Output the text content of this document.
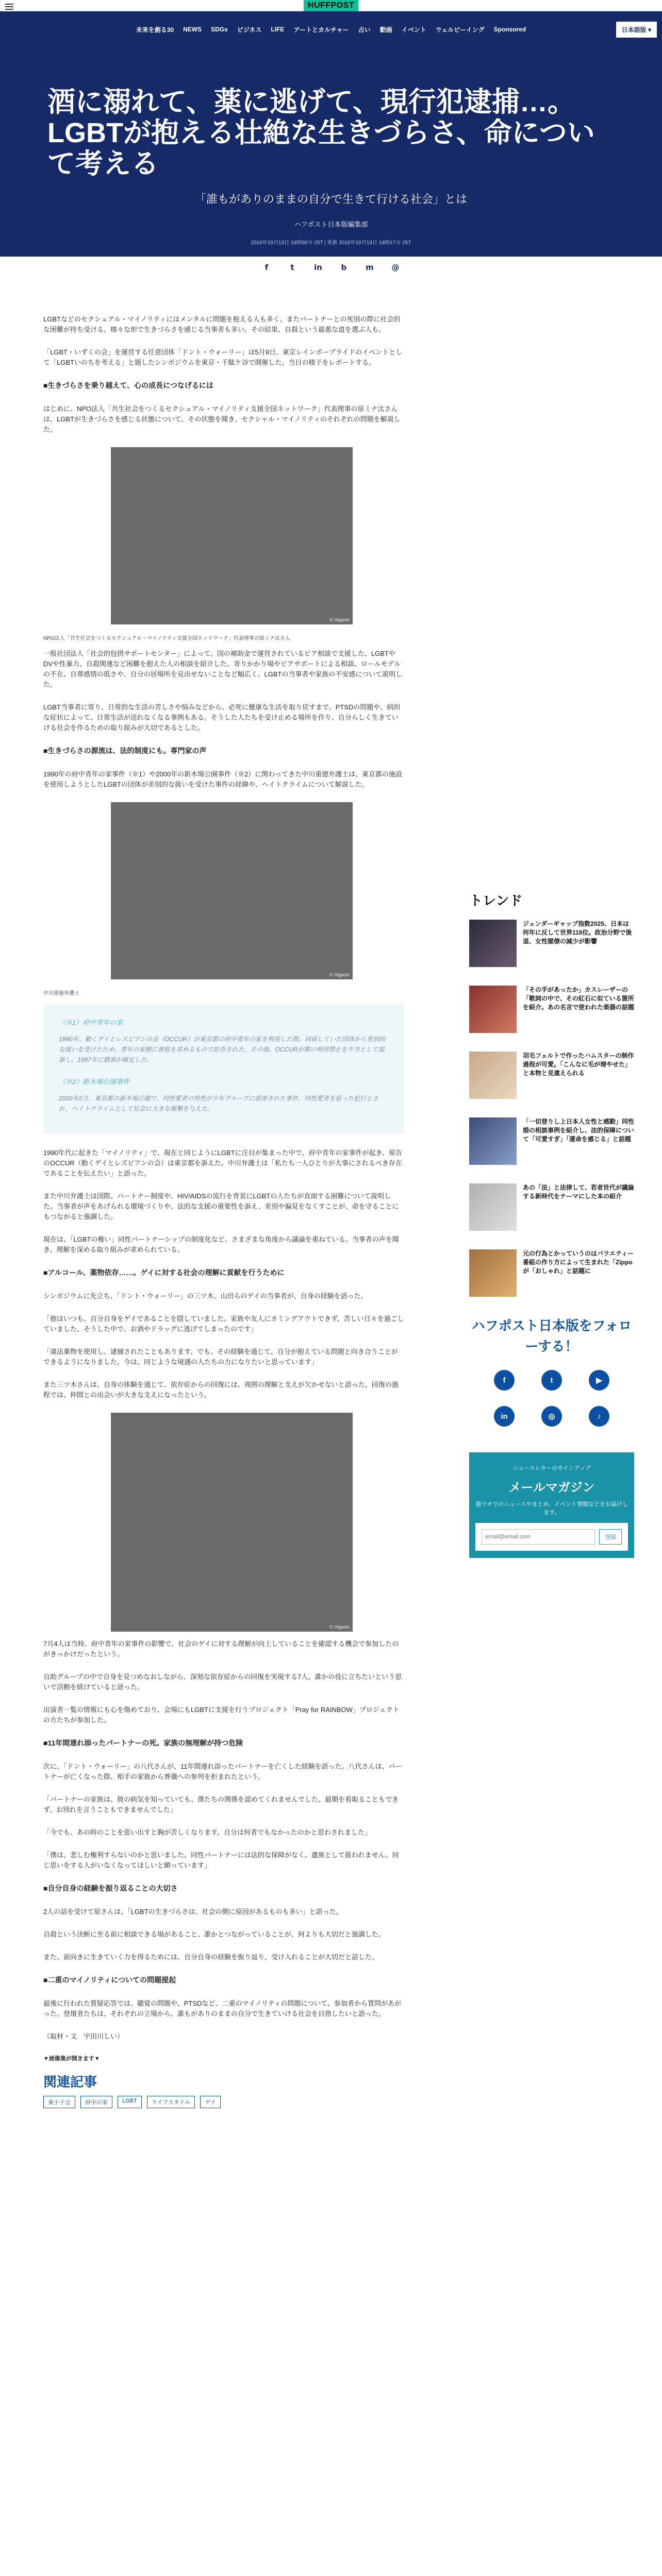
HUFFPOST
未来を創る30	NEWS	SDGs	ビジネス	LIFE	アートとカルチャー	占い	動画	イベント	ウェルビーイング	Sponsored	日本語版 ▾
酒に溺れて、薬に逃げて、現行犯逮捕…。LGBTが抱える壮絶な生きづらさ、命について考える
「誰もがありのままの自分で生きて行ける社会」とは
ハフポスト日本版編集部
2016年10月13日 16時06分 JST | 更新 2016年10月13日 16時17分 JST
f	t	in	b	m	@

LGBTなどのセクシュアル・マイノリティにはメンタルに問題を抱える人も多く、またパートナーとの死別の際に社会的な困難が待ち受ける。様々な形で生きづらさを感じる当事者も多い。その結果、自殺という最悪な道を選ぶ人も。

「LGBT・いずくの会」を運営する任意団体「ドント・ウォーリー」は5月9日、東京レインボープライドのイベントとして「LGBTいのちを考える」と題したシンポジウムを東京・千駄ケ谷で開催した。当日の様子をレポートする。

■生きづらさを乗り越えて、心の成長につなげるには

はじめに、NPO法人「共生社会をつくるセクシュアル・マイノリティ支援全国ネットワーク」代表理事の原ミナ汰さんは、LGBTが生きづらさを感じる状態について、その状態を聞き、セクシャル・マイノリティのそれぞれの問題を解説した。

© Higashi
NPO法人「共生社会をつくるセクシュアル・マイノリティ支援全国ネットワーク」代表理事の原ミナ汰さん

一般社団法人「社会的包摂サポートセンター」によって、国の補助金で運営されているピア相談で支援した、LGBTやDVや性暴力、自殺関連など困難を抱えた人の相談を紹介した。寄りかかり場やピアサポートによる相談、ロールモデルの不在、自尊感情の低さや、自分の居場所を見出せないことなど幅広く、LGBTの当事者や家族の不安感について説明した。

LGBT当事者に寄り、日常的な生活の苦しさや悩みなどから、必死に健康な生活を取り戻すまで。PTSDの問題や、病的な症状によって、日常生活が送れなくなる事例もある。そうした人たちを受け止める場所を作り、自分らしく生きていける社会を作るための取り組みが大切であるとした。

■生きづらさの源流は、法的制度にも。専門家の声

1990年の府中青年の家事件（※1）や2000年の新木場公園事件（※2）に関わってきた中川重徳弁護士は、東京都の施設を使用しようとしたLGBTの団体が差別的な扱いを受けた事件の経緯や、ヘイトクライムについて解説した。

© Higashi
中川重徳弁護士
（※1）府中青年の家
1990年、動くゲイとレズビアンの会（OCCUR）が東京都の府中青年の家を利用した際、同宿していた団体から差別的な扱いを受けたため、青年の家側に善処を求めるもので拒否された。その後、OCCURが都の利用禁止を不当として提訴し、1997年に勝訴が確定した。
（※2）新木場公園事件
2000年2月、東京都の新木場公園で、同性愛者の男性が少年グループに殺害された事件。同性愛者を狙った犯行とされ、ヘイトクライムとして社会に大きな衝撃を与えた。

1990年代に起きた「マイノリティ」で、現在と同じようにLGBTに注目が集まった中で、府中青年の家事件が起き、原告のOCCUR（動くゲイとレズビアンの会）は東京都を訴えた。中川弁護士は「私たち一人ひとりが大事にされるべき存在であることを伝えたい」と語った。

また中川弁護士は国際、パートナー制度や、HIV/AIDSの流行を背景にLGBTの人たちが直面する困難について説明した。当事者が声をあげられる環境づくりや、法的な支援の重要性を訴え、差別や偏見をなくすことが、命を守ることにもつながると強調した。

現在は、「LGBTの権い」同性パートナーシップの制度化など、さまざまな角度から議論を重ねている。当事者の声を聞き、理解を深める取り組みが求められている。

■アルコール、薬物依存……。ゲイに対する社会の理解に貢献を行うために

シンポジウムに先立ち、「ドント・ウォーリー」の三ツ木、山田らのゲイの当事者が、自身の経験を語った。

「他はいつも、自分自身をゲイであることを隠していました。家族や友人にカミングアウトできず、苦しい日々を過ごしていました。そうした中で、お酒やドラッグに逃げてしまったのです」

「違法薬物を使用し、逮捕されたこともあります。でも、その経験を通じて、自分が抱えている問題と向き合うことができるようになりました。今は、同じような境遇の人たちの力になりたいと思っています」

また三ツ木さんは、自身の体験を通じて、依存症からの回復には、周囲の理解と支えが欠かせないと語った。回復の過程では、仲間との出会いが大きな支えになったという。

© Higashi

7月4人は当時、府中青年の家事件の影響で、社会のゲイに対する理解が向上していることを確認する機会で参加したのがきっかけだったという。

自助グループの中で自身を見つめなおしながら、深刻な依存症からの回復を実現する7人。誰かの役に立ちたいという思いで活動を続けていると語った。

出演者一覧の情報にも心を傷めており、会場にもLGBTに支援を行うプロジェクト「Pray for RAINBOW」プロジェクトの方たちが参加した。

■11年間連れ添ったパートナーの死。家族の無理解が持つ危険

次に、「ドント・ウォーリー」の八代さんが、11年間連れ添ったパートナーを亡くした経験を語った。八代さんは、パートナーが亡くなった際、相手の家族から葬儀への参列を拒まれたという。

「パートナーの家族は、彼の病気を知っていても、僕たちの関係を認めてくれませんでした。最期を看取ることもできず、お別れを言うこともできませんでした」

「今でも、あの時のことを思い出すと胸が苦しくなります。自分は何者でもなかったのかと思わされました」

「僕は、悲しむ権利すらないのかと思いました。同性パートナーには法的な保障がなく、遺族として扱われません。同じ思いをする人がいなくなってほしいと願っています」

■自分自身の経験を振り返ることの大切さ

2人の話を受けて原さんは、「LGBTの生きづらさは、社会の側に原因があるものも多い」と語った。

自殺という決断に至る前に相談できる場があること、誰かとつながっていることが、何よりも大切だと強調した。

また、前向きに生きていく力を得るためには、自分自身の経験を振り返り、受け入れることが大切だと話した。

■二重のマイノリティについての問題提起

最後に行われた質疑応答では、聴覚の問題や、PTSDなど、二重のマイノリティの問題について、参加者から質問があがった。登壇者たちは、それぞれの立場から、誰もがありのままの自分で生きていける社会を目指したいと語った。

（取材・文　宇田川しい）

▼画像集が開きます▼
関連記事
東小子会	府中の家	LGBT	ライフスタイル	ゲイ
トレンド
ジェンダーギャップ指数2025、日本は何年に反して世界118位。政治分野で後退、女性閣僚の減少が影響
「その手があったか」カスレーザーの「歌詞の中で、その紅石に似ている箇所を紹介。あの名言で使われた楽器の話題
羽毛フェルトで作ったハムスターの制作過程が可愛。「こんなに毛が増やせた」と本物と見違えられる
「一切登りし上日本人女性と感動」同性婚の相談事例を紹介し、法的保障について「可愛すぎ」「運命を感じる」と話題
あの「法」と法律して、若者世代が議論する新時代をテーマにした本の紹介
元の行為とかっていうのはバラエティー番組の作り方によって生まれた「Zippoが「おしゃれ」と話題に
ハフポスト日本版をフォローする！
f	t	▶
in	◎	♪
ニュースレターのサインアップ
メールマガジン
週ウオでのニュースやまとめ、イベント情報などをお届けします。
email@email.com
登録
